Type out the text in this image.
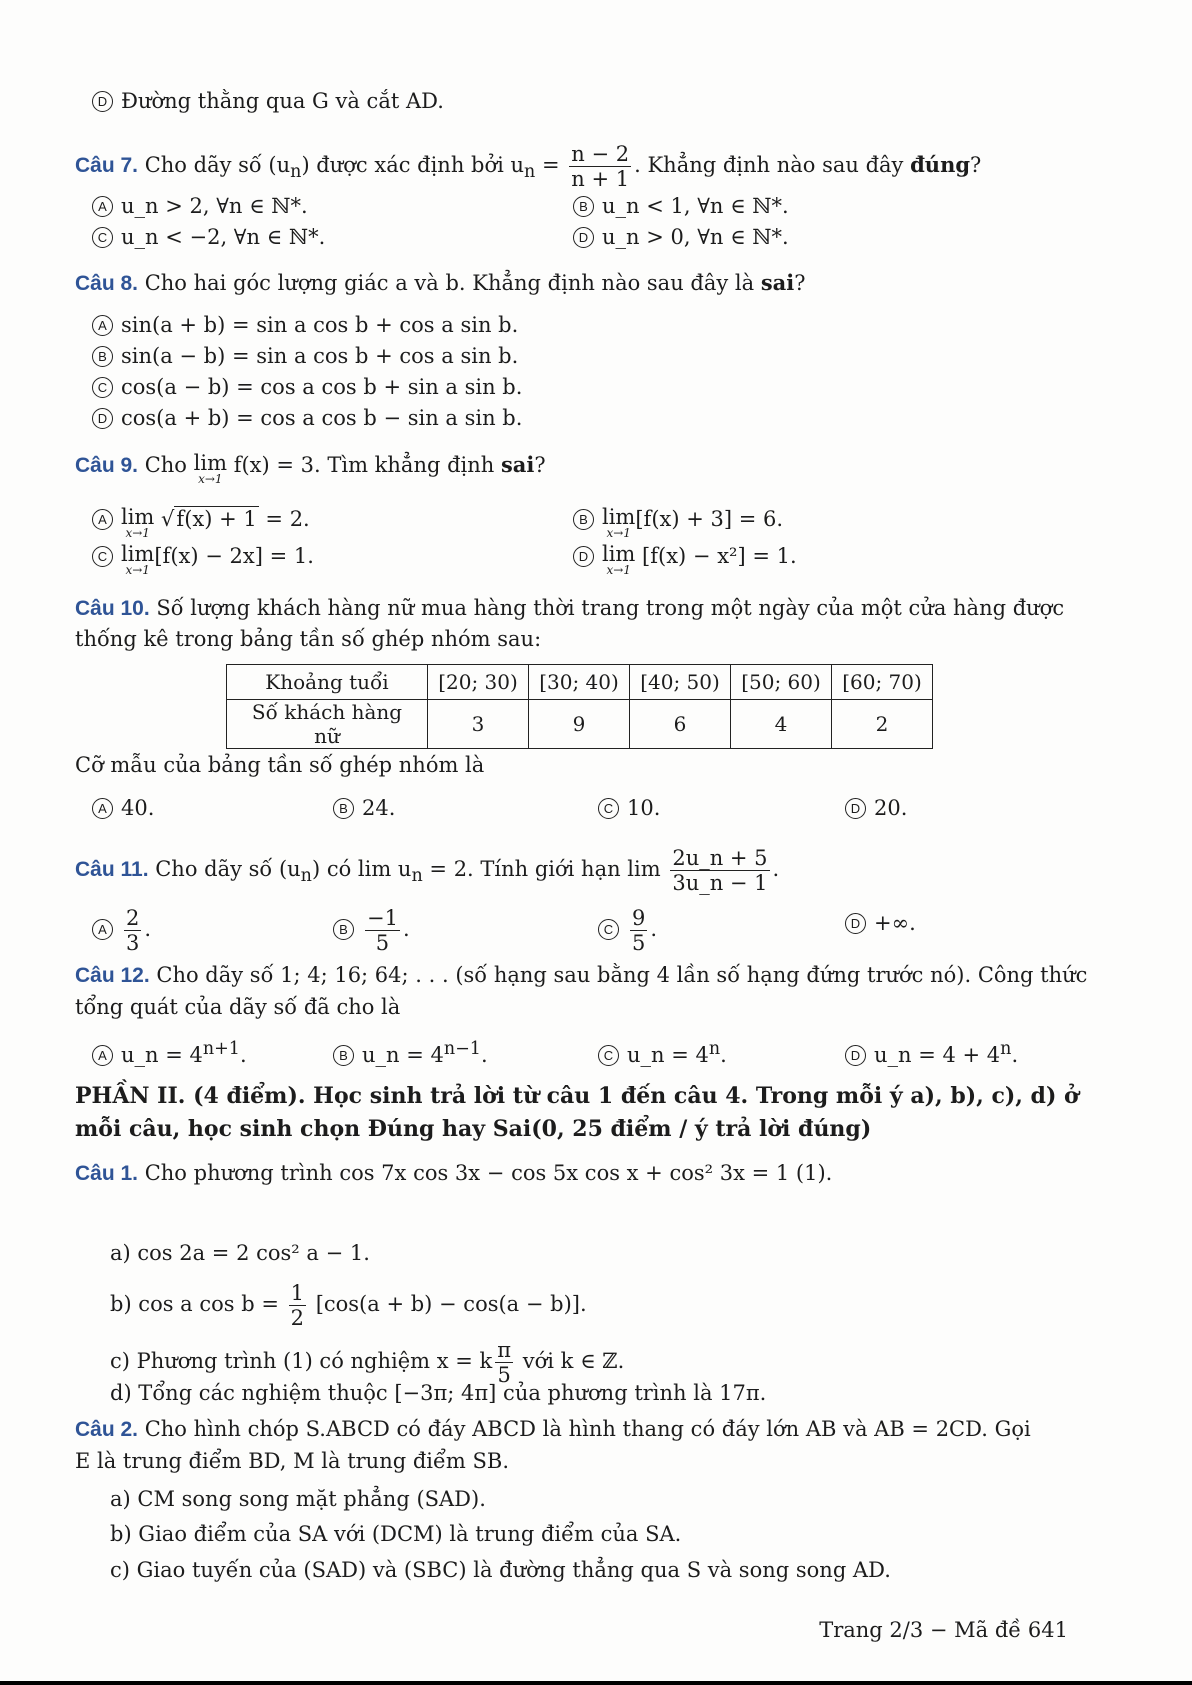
D Đường thằng qua G và cắt AD.
Câu 7. Cho dãy số $(u_n)$ được xác định bởi $u_n = \frac{n - 2}{n + 1}$ . Khẳng định nào sau đây đúng?
A u_n > 2, ∀n ∈ ℕ*.	B u_n < 1, ∀n ∈ ℕ*.
C u_n < −2, ∀n ∈ ℕ*.	D u_n > 0, ∀n ∈ ℕ*.
Câu 8. Cho hai góc lượng giác a và b. Khẳng định nào sau đây là sai?
A sin(a + b) = sin a cos b + cos a sin b.
B sin(a − b) = sin a cos b + cos a sin b.
C cos(a − b) = cos a cos b + sin a sin b.
D cos(a + b) = cos a cos b − sin a sin b.
Câu 9. Cho lim
x→1
f(x) = 3. Tìm khẳng định sai?
A lim
x→1
√f(x) + 1 = 2.	B lim
x→1
[f(x) + 3] = 6.
C lim
x→1
[f(x) − 2x] = 1.	D lim
x→1
[f(x) − x²] = 1.
Câu 10. Số lượng khách hàng nữ mua hàng thời trang trong một ngày của một cửa hàng được
thống kê trong bảng tần số ghép nhóm sau:
Khoảng tuổi	[20; 30)	[30; 40)	[40; 50)	[50; 60)	[60; 70)
Số khách hàng nữ	3	9	6	4	2
Cỡ mẫu của bảng tần số ghép nhóm là
A 40.	B 24.	C 10.	D 20.
Câu 11. Cho dãy số $(u_n)$ có $\lim u_n = 2$. Tính giới hạn $\lim \frac{2u\_n + 5}{3u\_n - 1}$ .
A $\frac{2}{3}$ .	B $\frac{-1}{5}$ .	C $\frac{9}{5}$ .	D +∞.
Câu 12. Cho dãy số 1; 4; 16; 64; . . . (số hạng sau bằng 4 lần số hạng đứng trước nó). Công thức
tổng quát của dãy số đã cho là
A u_n = $4^{n+1}$.	B u_n = $4^{n-1}$.	C u_n = $4^n$.	D u_n = $4 + 4^n$.
PHẦN II. (4 điểm). Học sinh trả lời từ câu 1 đến câu 4. Trong mỗi ý a), b), c), d) ở
mỗi câu, học sinh chọn Đúng hay Sai(0, 25 điểm / ý trả lời đúng)
Câu 1. Cho phương trình cos 7x cos 3x − cos 5x cos x + cos² 3x = 1 (1).
a) cos 2a = 2 cos² a − 1.
b) cos a $\cos b = \frac{1}{2} [\cos(a + b) - \cos(a - b)]$.
c) Phương trình (1) có nghiệm x = k $\frac{\pi}{5}$ với k ∈ ℤ.
d) Tổng các nghiệm thuộc [−3π; 4π] của phương trình là 17π.
Câu 2. Cho hình chóp S.ABCD có đáy ABCD là hình thang có đáy lớn AB và AB = 2CD. Gọi
E là trung điểm BD, M là trung điểm SB.
a) CM song song mặt phẳng (SAD).
b) Giao điểm của SA với (DCM) là trung điểm của SA.
c) Giao tuyến của (SAD) và (SBC) là đường thẳng qua S và song song AD.
Trang 2/3 − Mã đề 641
